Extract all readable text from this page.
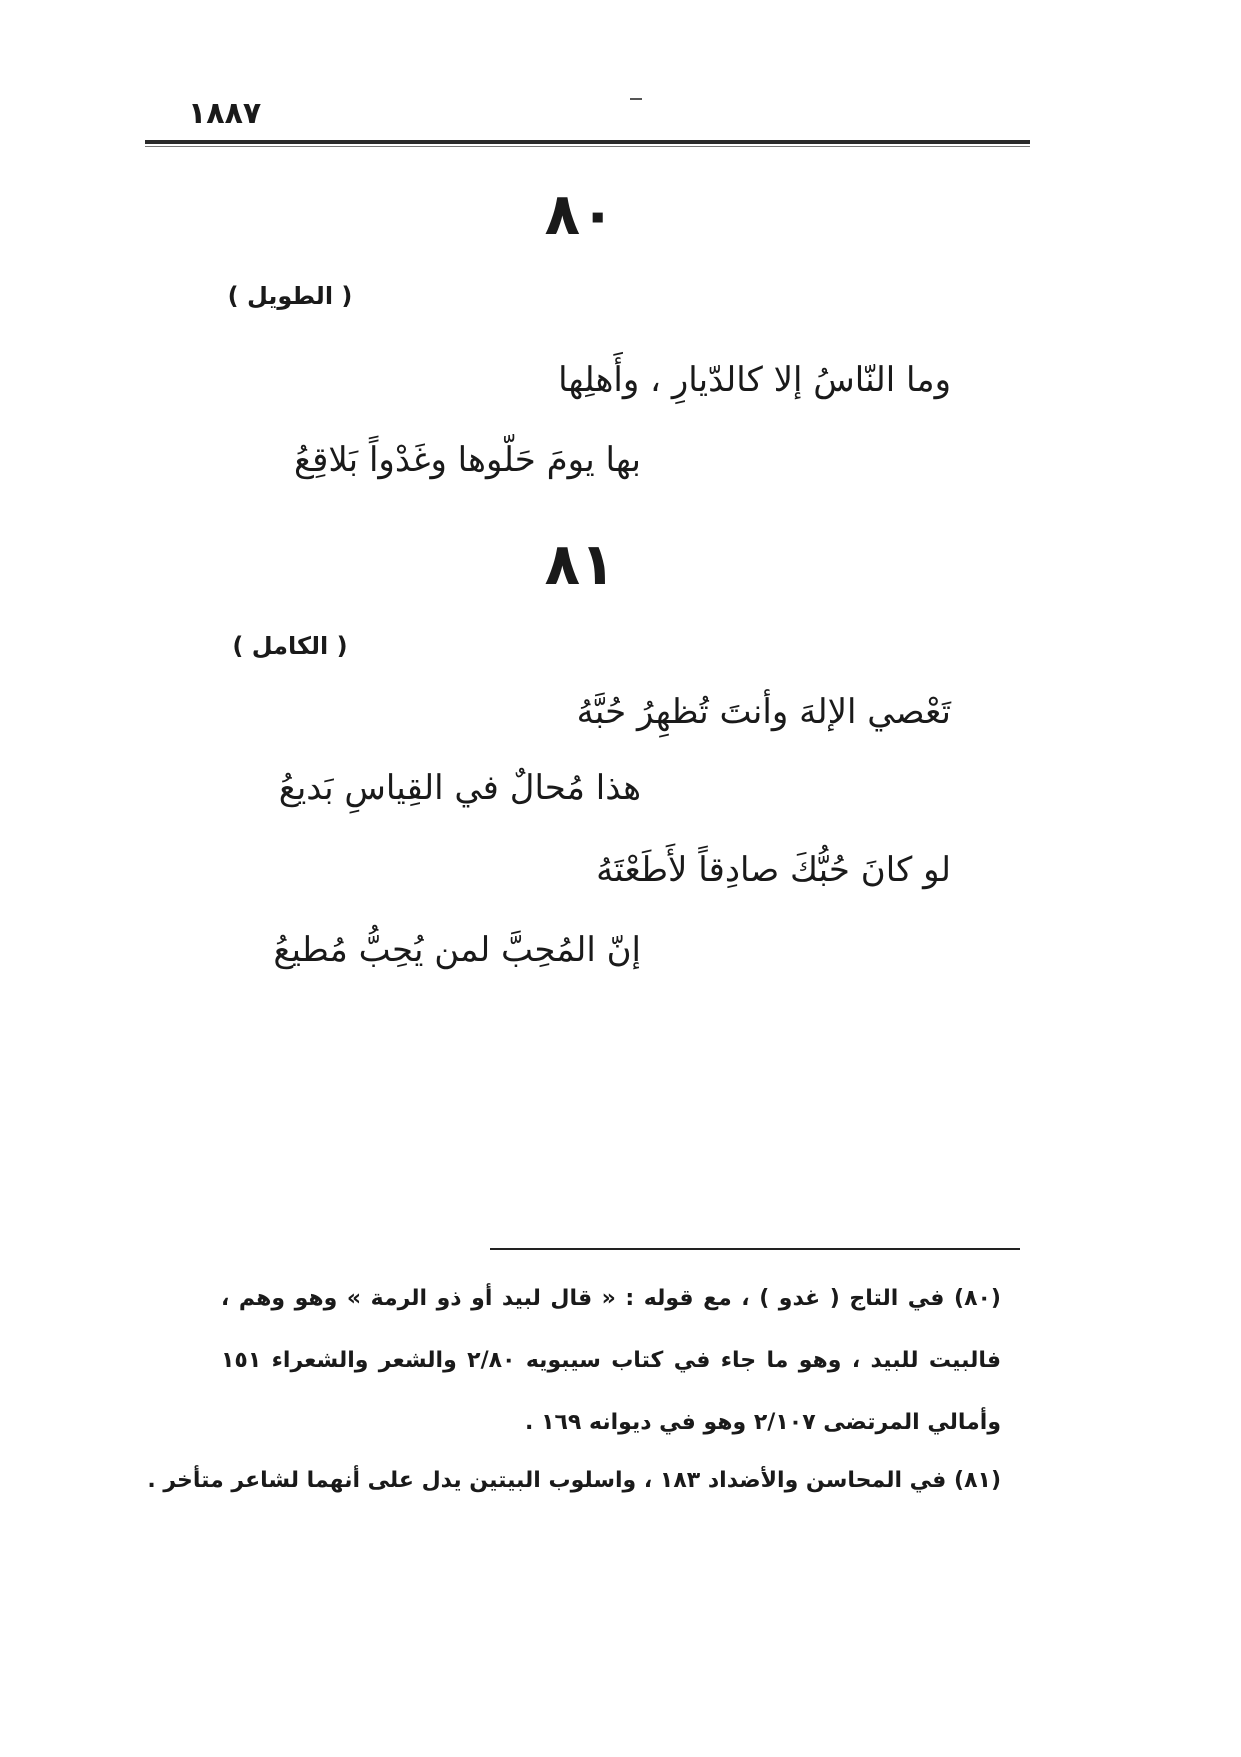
١٨٨٧
٨٠
( الطويل )
وما النّاسُ إلا كالدّيارِ ، وأَهلِها
بها يومَ حَلّوها وغَدْواً بَلاقِعُ
٨١
( الكامل )
تَعْصي الإلهَ وأنتَ تُظهِرُ حُبَّهُ
هذا مُحالٌ في القِياسِ بَديعُ
لو كانَ حُبُّكَ صادِقاً لأَطَعْتَهُ
إنّ المُحِبَّ لمن يُحِبُّ مُطيعُ
(٨٠) في التاج ( غدو ) ، مع قوله : « قال لبيد أو ذو الرمة » وهو وهم ، فالبيت للبيد ، وهو ما جاء في كتاب سيبويه ٢/٨٠ والشعر والشعراء ١٥١ وأمالي المرتضى ٢/١٠٧ وهو في ديوانه ١٦٩ .
(٨١) في المحاسن والأضداد ١٨٣ ، واسلوب البيتين يدل على أنهما لشاعر متأخر .
